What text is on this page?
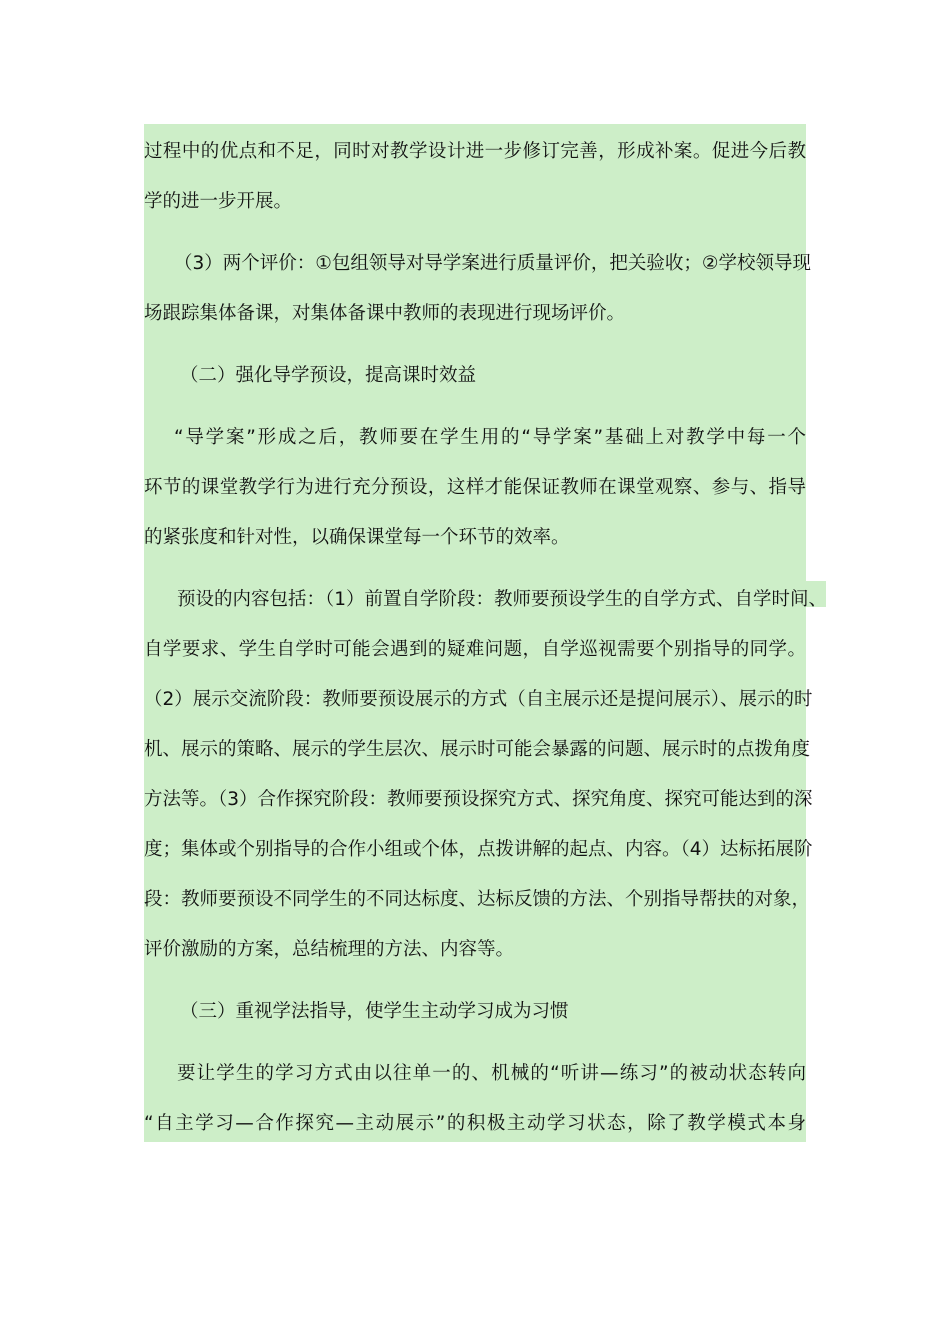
过程中的优点和不足，同时对教学设计进一步修订完善，形成补案。促进今后教
学的进一步开展。
（3）两个评价：①包组领导对导学案进行质量评价，把关验收；②学校领导现
场跟踪集体备课，对集体备课中教师的表现进行现场评价。
（二）强化导学预设，提高课时效益
“导学案”形成之后，教师要在学生用的“导学案”基础上对教学中每一个
环节的课堂教学行为进行充分预设，这样才能保证教师在课堂观察、参与、指导
的紧张度和针对性，以确保课堂每一个环节的效率。
预设的内容包括：（1）前置自学阶段：教师要预设学生的自学方式、自学时间、
自学要求、学生自学时可能会遇到的疑难问题，自学巡视需要个别指导的同学。
（2）展示交流阶段：教师要预设展示的方式（自主展示还是提问展示）、展示的时
机、展示的策略、展示的学生层次、展示时可能会暴露的问题、展示时的点拨角度
方法等。（3）合作探究阶段：教师要预设探究方式、探究角度、探究可能达到的深
度；集体或个别指导的合作小组或个体，点拨讲解的起点、内容。（4）达标拓展阶
段：教师要预设不同学生的不同达标度、达标反馈的方法、个别指导帮扶的对象，
评价激励的方案，总结梳理的方法、内容等。
（三）重视学法指导，使学生主动学习成为习惯
要让学生的学习方式由以往单一的、机械的“听讲—练习”的被动状态转向
“自主学习—合作探究—主动展示”的积极主动学习状态，除了教学模式本身
